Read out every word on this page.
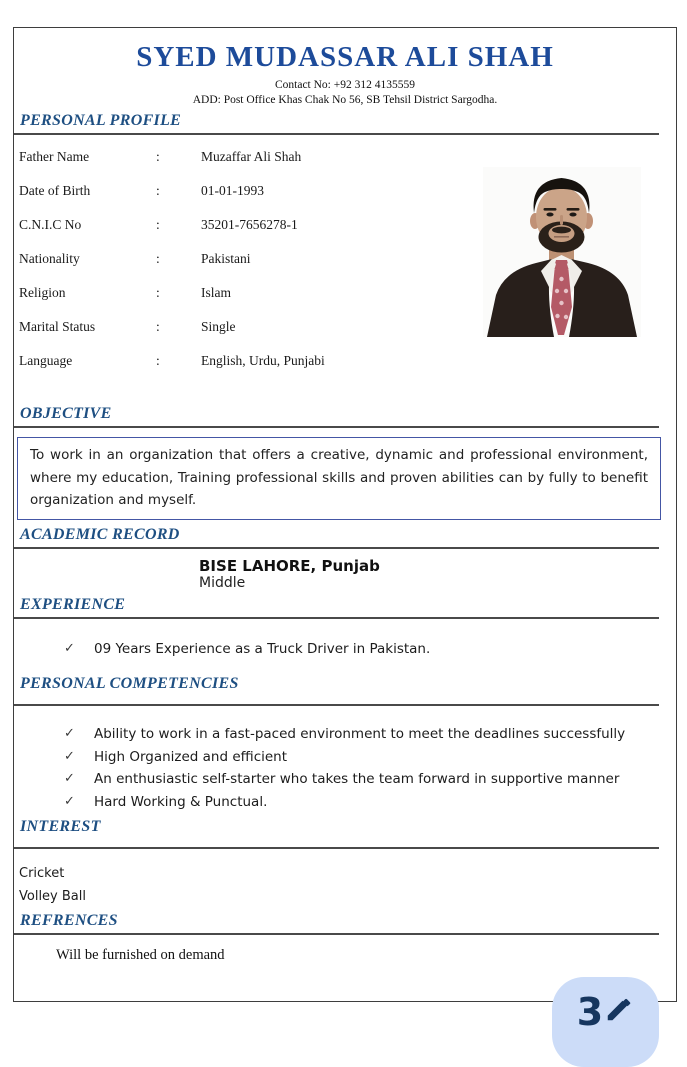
SYED MUDASSAR ALI SHAH
Contact No: +92 312 4135559
ADD: Post Office Khas Chak No 56, SB Tehsil District Sargodha.
PERSONAL PROFILE
Father Name	:	Muzaffar Ali Shah
Date of Birth	:	01-01-1993
C.N.I.C No	:	35201-7656278-1
Nationality	:	Pakistani
Religion	:	Islam
Marital Status	:	Single
Language	:	English, Urdu, Punjabi
OBJECTIVE
To work in an organization that offers a creative, dynamic and professional environment, where my education, Training professional skills and proven abilities can by fully to benefit organization and myself.
ACADEMIC RECORD
BISE LAHORE, Punjab
Middle
EXPERIENCE
✓	09 Years Experience as a Truck Driver in Pakistan.
PERSONAL COMPETENCIES
✓	Ability to work in a fast-paced environment to meet the deadlines successfully
✓	High Organized and efficient
✓	An enthusiastic self-starter who takes the team forward in supportive manner
✓	Hard Working & Punctual.
INTEREST
Cricket
Volley Ball
REFRENCES
Will be furnished on demand
3
